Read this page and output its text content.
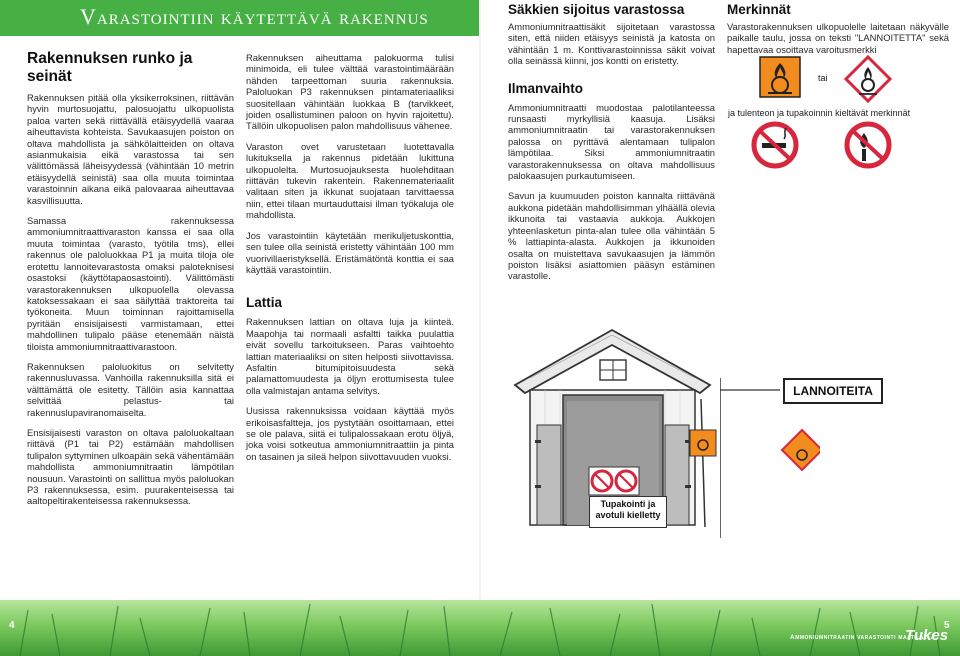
Varastointiin käytettävä rakennus
Rakennuksen runko ja seinät

Rakennuksen pitää olla yksikerroksinen, riittävän hyvin murtosuojattu, palosuojattu ulkopuolista paloa varten sekä riittävällä etäisyydellä vaaraa aiheuttavista kohteista. Savukaasujen poiston on oltava mahdollista ja sähkölaitteiden on oltava asianmukaisia eikä varastossa tai sen välittömässä läheisyydessä (vähintään 10 metrin etäisyydellä seinistä) saa olla muuta toimintaa varastoinnin aikana eikä palovaaraa aiheuttavaa kasvillisuutta.

Samassa rakennuksessa ammoniumnitraattivaraston kanssa ei saa olla muuta toimintaa (varasto, työtila tms), ellei rakennus ole paloluokkaa P1 ja muita tiloja ole erotettu lannoitevarastosta omaksi paloteknisesi osastoksi (käyttötapaosastointi). Välittömästi varastorakennuksen ulkopuolella olevassa katoksessakaan ei saa säilyttää traktoreita tai työkoneita. Muun toiminnan rajoittamisella pyritään ensisijaisesti varmistamaan, ettei mahdollinen tulipalo pääse etenemään näistä tiloista ammoniumnitraattivarastoon.

Rakennuksen paloluokitus on selvitetty rakennusluvassa. Vanhoilla rakennuksilla sitä ei välttämättä ole esitetty. Tällöin asia kannattaa selvittää pelastus- tai rakennuslupaviranomaiselta.

Ensisijaisesti varaston on oltava paloluokaltaan riittävä (P1 tai P2) estämään mahdollisen tulipalon syttyminen ulkoapäin sekä vähentämään mahdollista ammoniumnitraatin lämpötilan nousuun. Varastointi on sallittua myös paloluokan P3 rakennuksessa, esim. puurakenteisessa tai aaltopeltirakenteisessa rakennuksessa.

Rakennuksen aiheuttama palokuorma tulisi minimoida, eli tulee välttää varastointimäärään nähden tarpeettoman suuria rakennuksia. Paloluokan P3 rakennuksen pintamateriaaliksi suositellaan vähintään luokkaa B (tarvikkeet, joiden osallistuminen paloon on hyvin rajoitettu). Tällöin ulkopuolisen palon mahdollisuus vähenee.

Varaston ovet varustetaan luotettavalla lukituksella ja rakennus pidetään lukittuna ulkopuolelta. Murtosuojauksesta huolehditaan riittävän tukevin rakentein. Rakennemateriaalit valitaan siten ja ikkunat suojataan tarvittaessa niin, ettei tilaan murtauduttaisi ilman työkaluja ole mahdollista.

Jos varastointiin käytetään merikuljetuskonttia, sen tulee olla seinistä eristetty vähintään 100 mm vuorivillaeristyksellä. Eristämätöntä konttia ei saa käyttää varastointiin.

Lattia

Rakennuksen lattian on oltava luja ja kiinteä. Maapohja tai normaali asfaltti taikka puulattia eivät sovellu tarkoitukseen. Paras vaihtoehto lattian materiaaliksi on siten helposti siivottavissa. Asfaltin bitumipitoisuudesta sekä palamattomuudesta ja öljyn erottumisesta tulee olla valmistajan antama selvitys.

Uusissa rakennuksissa voidaan käyttää myös erikoisasfaltteja, jos pystytään osoittamaan, ettei se ole palava, siitä ei tulipalossakaan erotu öljyä, joka voisi sotkeutua ammoniumnitraattiin ja pinta on tasainen ja sileä helpon siivottavuuden vuoksi.

Säkkien sijoitus varastossa

Ammoniumnitraattisäkit sijoitetaan varastossa siten, että niiden etäisyys seinistä ja katosta on vähintään 1 m. Konttivarastoinnissa säkit voivat olla seinässä kiinni, jos kontti on eristetty.

Ilmanvaihto

Ammoniumnitraatti muodostaa palotilanteessa runsaasti myrkyllisiä kaasuja. Lisäksi ammoniumnitraatin tai varastorakennuksen palossa on pyrittävä alentamaan tulipalon lämpötilaa. Siksi ammoniumnitraatin varastorakennuksessa on oltava mahdollisuus palokaasujen purkautumiseen.

Savun ja kuumuuden poiston kannalta riittävänä aukkona pidetään mahdollisimman ylhäällä olevia ikkunoita tai vastaavia aukkoja. Aukkojen yhteenlasketun pinta-alan tulee olla vähintään 5 % lattiapinta-alasta. Aukkojen ja ikkunoiden osalta on muistettava savukaasujen ja lämmön poiston lisäksi asiattomien pääsyn estäminen varastolle.

Merkinnät

Varastorakennuksen ulkopuolelle laitetaan näkyvälle paikalle taulu, jossa on teksti "LANNOITETTA" sekä hapettavaa osoittava varoitusmerkki

tai
ja tulenteon ja tupakoinnin kieltävät merkinnät
LANNOITEITA
Tupakointi ja
avotuli kielletty
4	5
Ammoniumnitraatin varastointi maatilalla
Tukes
